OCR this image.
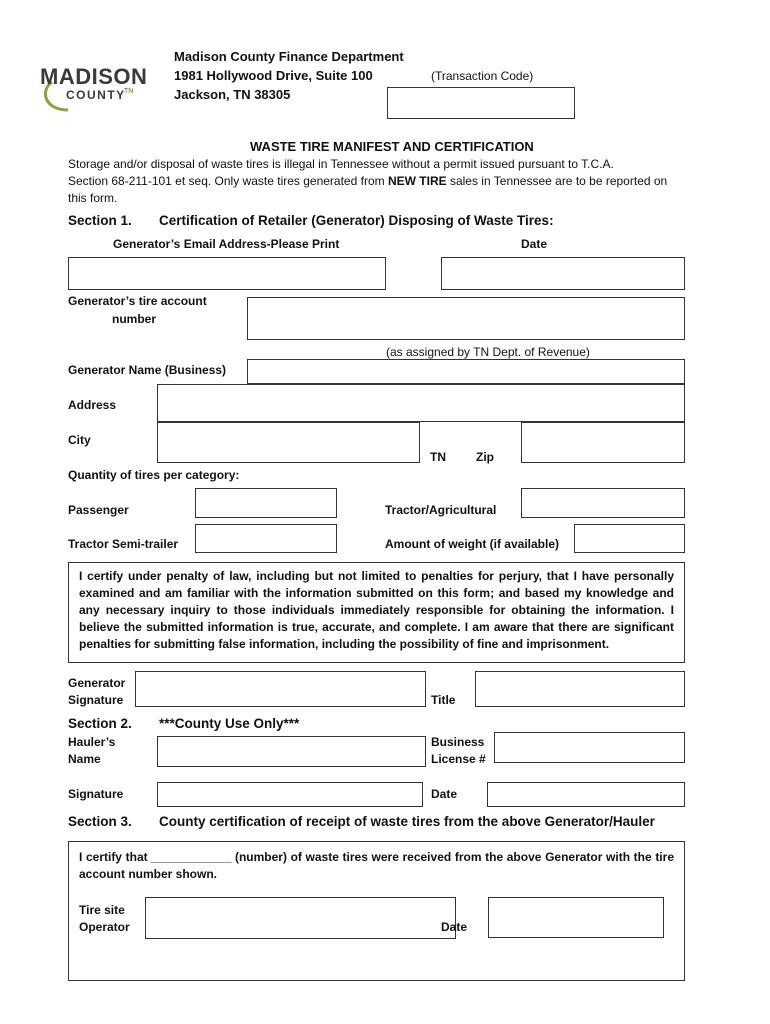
MADISON
COUNTY
TN
Madison County Finance Department
1981 Hollywood Drive, Suite 100
Jackson, TN 38305
(Transaction Code)
WASTE TIRE MANIFEST AND CERTIFICATION
Storage and/or disposal of waste tires is illegal in Tennessee without a permit issued pursuant to T.C.A.
Section 68-211-101 et seq. Only waste tires generated from NEW TIRE sales in Tennessee are to be reported on
this form.
Section 1. Certification of Retailer (Generator) Disposing of Waste Tires:
Generator’s Email Address-Please Print	Date
Generator’s tire account
number
(as assigned by TN Dept. of Revenue)
Generator Name (Business)
Address
City
TN	Zip
Quantity of tires per category:
Passenger	Tractor/Agricultural
Tractor Semi-trailer	Amount of weight (if available)

I certify under penalty of law, including but not limited to penalties for perjury, that I have personally examined and am familiar with the information submitted on this form; and based my knowledge and any necessary inquiry to those individuals immediately responsible for obtaining the information. I believe the submitted information is true, accurate, and complete. I am aware that there are significant penalties for submitting false information, including the possibility of fine and imprisonment.

Generator
Signature	Title
Section 2. ***County Use Only***
Hauler’s
Name
Business
License #
Signature	Date
Section 3. County certification of receipt of waste tires from the above Generator/Hauler

I certify that ____________ (number) of waste tires were received from the above Generator with the tire account number shown.

Tire site
Operator	Date
